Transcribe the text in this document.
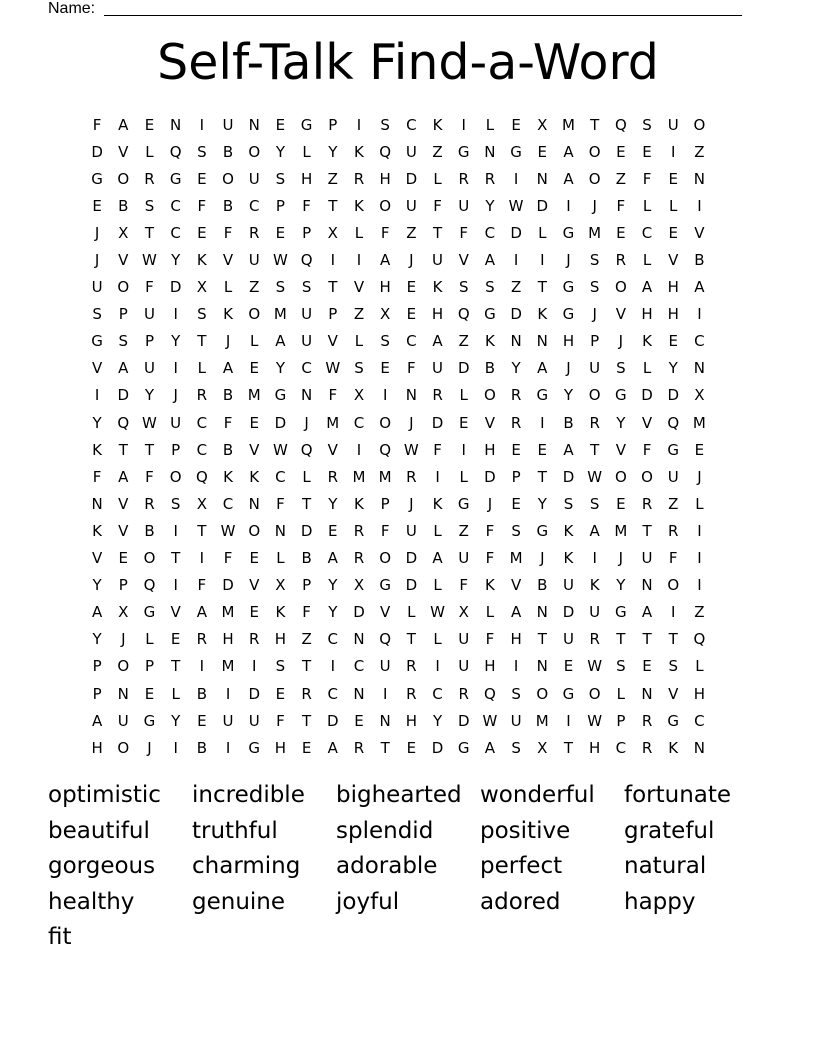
Name:
Self-Talk Find-a-Word
F	A	E	N	I	U	N	E	G	P	I	S	C	K	I	L	E	X M	T	Q	S	U O
D	V	L	Q	S	B	O	Y	L	Y	K	Q U	Z	G N G	E	A	O	E	E	I	Z
G O	R	G	E	O U	S	H	Z	R	H D	L	R	R	I	N	A	O	Z	F	E	N
E	B	S	C	F	B	C	P	F	T	K	O U	F	U	Y W D	I	J	F	L	L	I
J	X	T	C	E	F	R	E	P	X	L	F	Z	T	F	C	D	L	G M E	C	E	V
J	V W Y	K	V	U W Q	I	I	A	J	U	V	A	I	I	J	S	R	L	V	B
U O	F	D	X	L	Z	S	S	T	V	H	E	K	S	S	Z	T	G	S	O	A	H	A
S	P	U	I	S	K	O M U	P	Z	X	E	H Q G D	K	G	J	V	H H	I
G	S	P	Y	T	J	L	A	U	V	L	S	C	A	Z	K	N N H	P	J	K	E	C
V	A	U	I	L	A	E	Y	C W S	E	F	U D	B	Y	A	J	U	S	L	Y	N
I	D	Y	J	R	B M G N	F	X	I	N	R	L	O	R	G	Y	O G D D	X
Y	Q W U	C	F	E	D	J	M C	O	J	D	E	V	R	I	B	R	Y	V	Q M
K	T	T	P	C	B	V W Q	V	I	Q W F	I	H	E	E	A	T	V	F	G	E
F	A	F	O Q	K	K	C	L	R M M R	I	L	D	P	T	D W O O U	J
N	V	R	S	X	C	N	F	T	Y	K	P	J	K	G	J	E	Y	S	S	E	R	Z	L
K	V	B	I	T W O N D	E	R	F	U	L	Z	F	S	G	K	A M	T	R	I
V	E	O	T	I	F	E	L	B	A	R	O D	A	U	F	M	J	K	I	J	U	F	I
Y	P	Q	I	F	D	V	X	P	Y	X	G D	L	F	K	V	B	U	K	Y	N O	I
A	X	G	V	A M E	K	F	Y	D	V	L W X	L	A	N D U G	A	I	Z
Y	J	L	E	R	H	R	H	Z	C	N Q	T	L	U	F	H	T	U	R	T	T	T	Q
P	O	P	T	I	M	I	S	T	I	C	U	R	I	U	H	I	N	E W S	E	S	L
P	N	E	L	B	I	D	E	R	C	N	I	R	C	R	Q	S	O G O	L	N	V	H
A	U G	Y	E	U	U	F	T	D	E	N H	Y	D W U M	I	W P	R	G	C
H O	J	I	B	I	G H	E	A	R	T	E	D G	A	S	X	T	H	C	R	K	N
optimistic	incredible	bighearted wonderful	fortunate
beautiful	truthful	splendid	positive	grateful
gorgeous	charming	adorable	perfect	natural
healthy	genuine	joyful	adored	happy
fit
